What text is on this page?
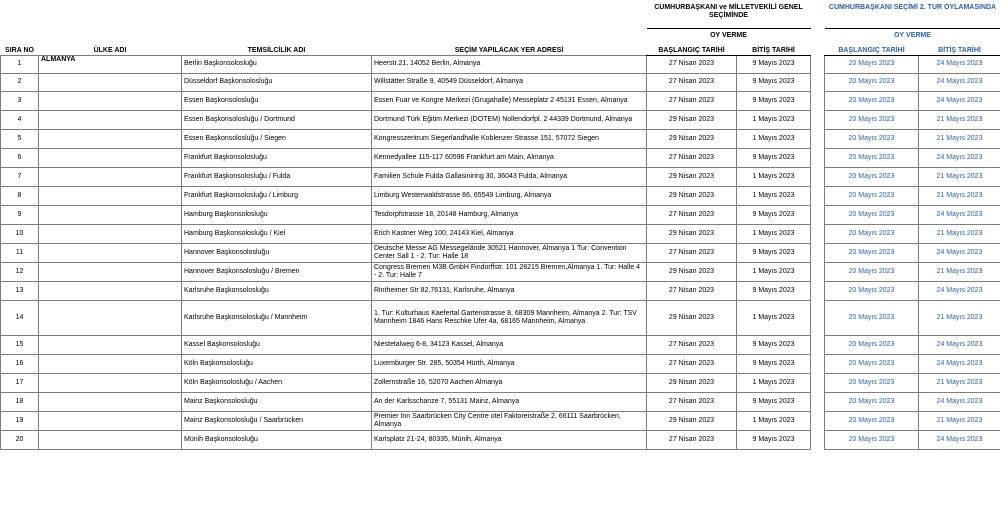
				CUMHURBAŞKANI ve MİLLETVEKİLİ GENEL SEÇİMİNDE			CUMHURBAŞKANI SEÇİMİ 2. TUR OYLAMASINDA	
				OY VERME			OY VERME	
SIRA NO	ÜLKE ADI	TEMSİLCİLİK ADI	SEÇİM YAPILACAK YER ADRESİ	BAŞLANGIÇ TARİHİ	BİTİŞ TARİHİ		BAŞLANGIÇ TARİHİ	BİTİŞ TARİHİ
1	ALMANYA	Berlin Başkonsolosluğu	Heerstr.21, 14052 Berlin, Almanya	27 Nisan 2023	9 Mayıs 2023		20 Mayıs 2023	24 Mayıs 2023
2		Düsseldorf Başkonsolosluğu	Willstätter Straße 9, 40549 Düsseldorf, Almanya	27 Nisan 2023	9 Mayıs 2023		20 Mayıs 2023	24 Mayıs 2023
3		Essen Başkonsolosluğu	Essen Fuar ve Kongre Merkezi (Grugahalle) Messeplatz 2 45131 Essen, Almanya	27 Nisan 2023	9 Mayıs 2023		20 Mayıs 2023	24 Mayıs 2023
4		Essen Başkonsolosluğu / Dortmund	Dortmund Türk Eğitim Merkezi (DOTEM) Nollendorfpl. 2 44339 Dortmund, Almanya	29 Nisan 2023	1 Mayıs 2023		20 Mayıs 2023	21 Mayıs 2023
5		Essen Başkonsolosluğu / Siegen	Kongresszentrum Siegerlandhalle Koblenzer Strasse 151, 57072 Siegen	29 Nisan 2023	1 Mayıs 2023		20 Mayıs 2023	21 Mayıs 2023
6		Frankfurt Başkonsolosluğu	Kennedyallee 115-117 60596 Frankfurt am Main, Almanya	27 Nisan 2023	9 Mayıs 2023		20 Mayıs 2023	24 Mayıs 2023
7		Frankfurt Başkonsolosluğu / Fulda	Familien Schule Fulda Gallasiniring 30, 36043 Fulda, Almanya	29 Nisan 2023	1 Mayıs 2023		20 Mayıs 2023	21 Mayıs 2023
8		Frankfurt Başkonsolosluğu / Limburg	Limburg Westerwaldstrasse 86, 65549 Limburg, Almanya	29 Nisan 2023	1 Mayıs 2023		20 Mayıs 2023	21 Mayıs 2023
9		Hamburg Başkonsolosluğu	Tesdorpfstrasse 18, 20148 Hamburg, Almanya	27 Nisan 2023	9 Mayıs 2023		20 Mayıs 2023	24 Mayıs 2023
10		Hamburg Başkonsolosluğu / Kiel	Erich Kastner Weg 100, 24143 Kiel, Almanya	29 Nisan 2023	1 Mayıs 2023		20 Mayıs 2023	21 Mayıs 2023
11		Hannover Başkonsolosluğu	Deutsche Messe AG Messegelände 30521 Hannover, Almanya 1 Tur: Convention Center Sall 1 - 2. Tur: Halle 18	27 Nisan 2023	9 Mayıs 2023		20 Mayıs 2023	24 Mayıs 2023
12		Hannover Başkonsolosluğu / Bremen	Congress Bremen M3B GmbH Findorffstr. 101 28215 Bremen,Almanya 1. Tur: Halle 4 - 2. Tur: Halle 7	29 Nisan 2023	1 Mayıs 2023		20 Mayıs 2023	21 Mayıs 2023
13		Karlsruhe Başkonsolosluğu	Rintheimer Str 82,76131, Karlsruhe, Almanya	27 Nisan 2023	9 Mayıs 2023		20 Mayıs 2023	24 Mayıs 2023
14		Karlsruhe Başkonsolosluğu / Mannheim	1. Tur: Kulturhaus Kaefertal Gartenstrasse 8, 68309 Mannheim, Almanya 2. Tur: TSV Mannheim 1846 Hans Reschke Ufer 4a, 68165 Mannheim, Almanya	29 Nisan 2023	1 Mayıs 2023		20 Mayıs 2023	21 Mayıs 2023
15		Kassel Başkonsolosluğu	Niestetalweg 6-8, 34123 Kassel, Almanya	27 Nisan 2023	9 Mayıs 2023		20 Mayıs 2023	24 Mayıs 2023
16		Köln Başkonsolosluğu	Luxemburger Str. 285, 50354 Hürth, Almanya	27 Nisan 2023	9 Mayıs 2023		20 Mayıs 2023	24 Mayıs 2023
17		Köln Başkonsolosluğu / Aachen	Zollernstraße 16, 52070 Aachen Almanya	29 Nisan 2023	1 Mayıs 2023		20 Mayıs 2023	21 Mayıs 2023
18		Mainz Başkonsolosluğu	An der Karlsschanze 7, 55131 Mainz, Almanya	27 Nisan 2023	9 Mayıs 2023		20 Mayıs 2023	24 Mayıs 2023
19		Mainz Başkonsolosluğu / Saarbrücken	Premier Inn Saarbrücken City Centre otel Faktoreistraße 2, 66111 Saarbrücken, Almanya	29 Nisan 2023	1 Mayıs 2023		20 Mayıs 2023	21 Mayıs 2023
20		Münih Başkonsolosluğu	Karlsplatz 21-24, 80335, Münih, Almanya	27 Nisan 2023	9 Mayıs 2023		20 Mayıs 2023	24 Mayıs 2023
